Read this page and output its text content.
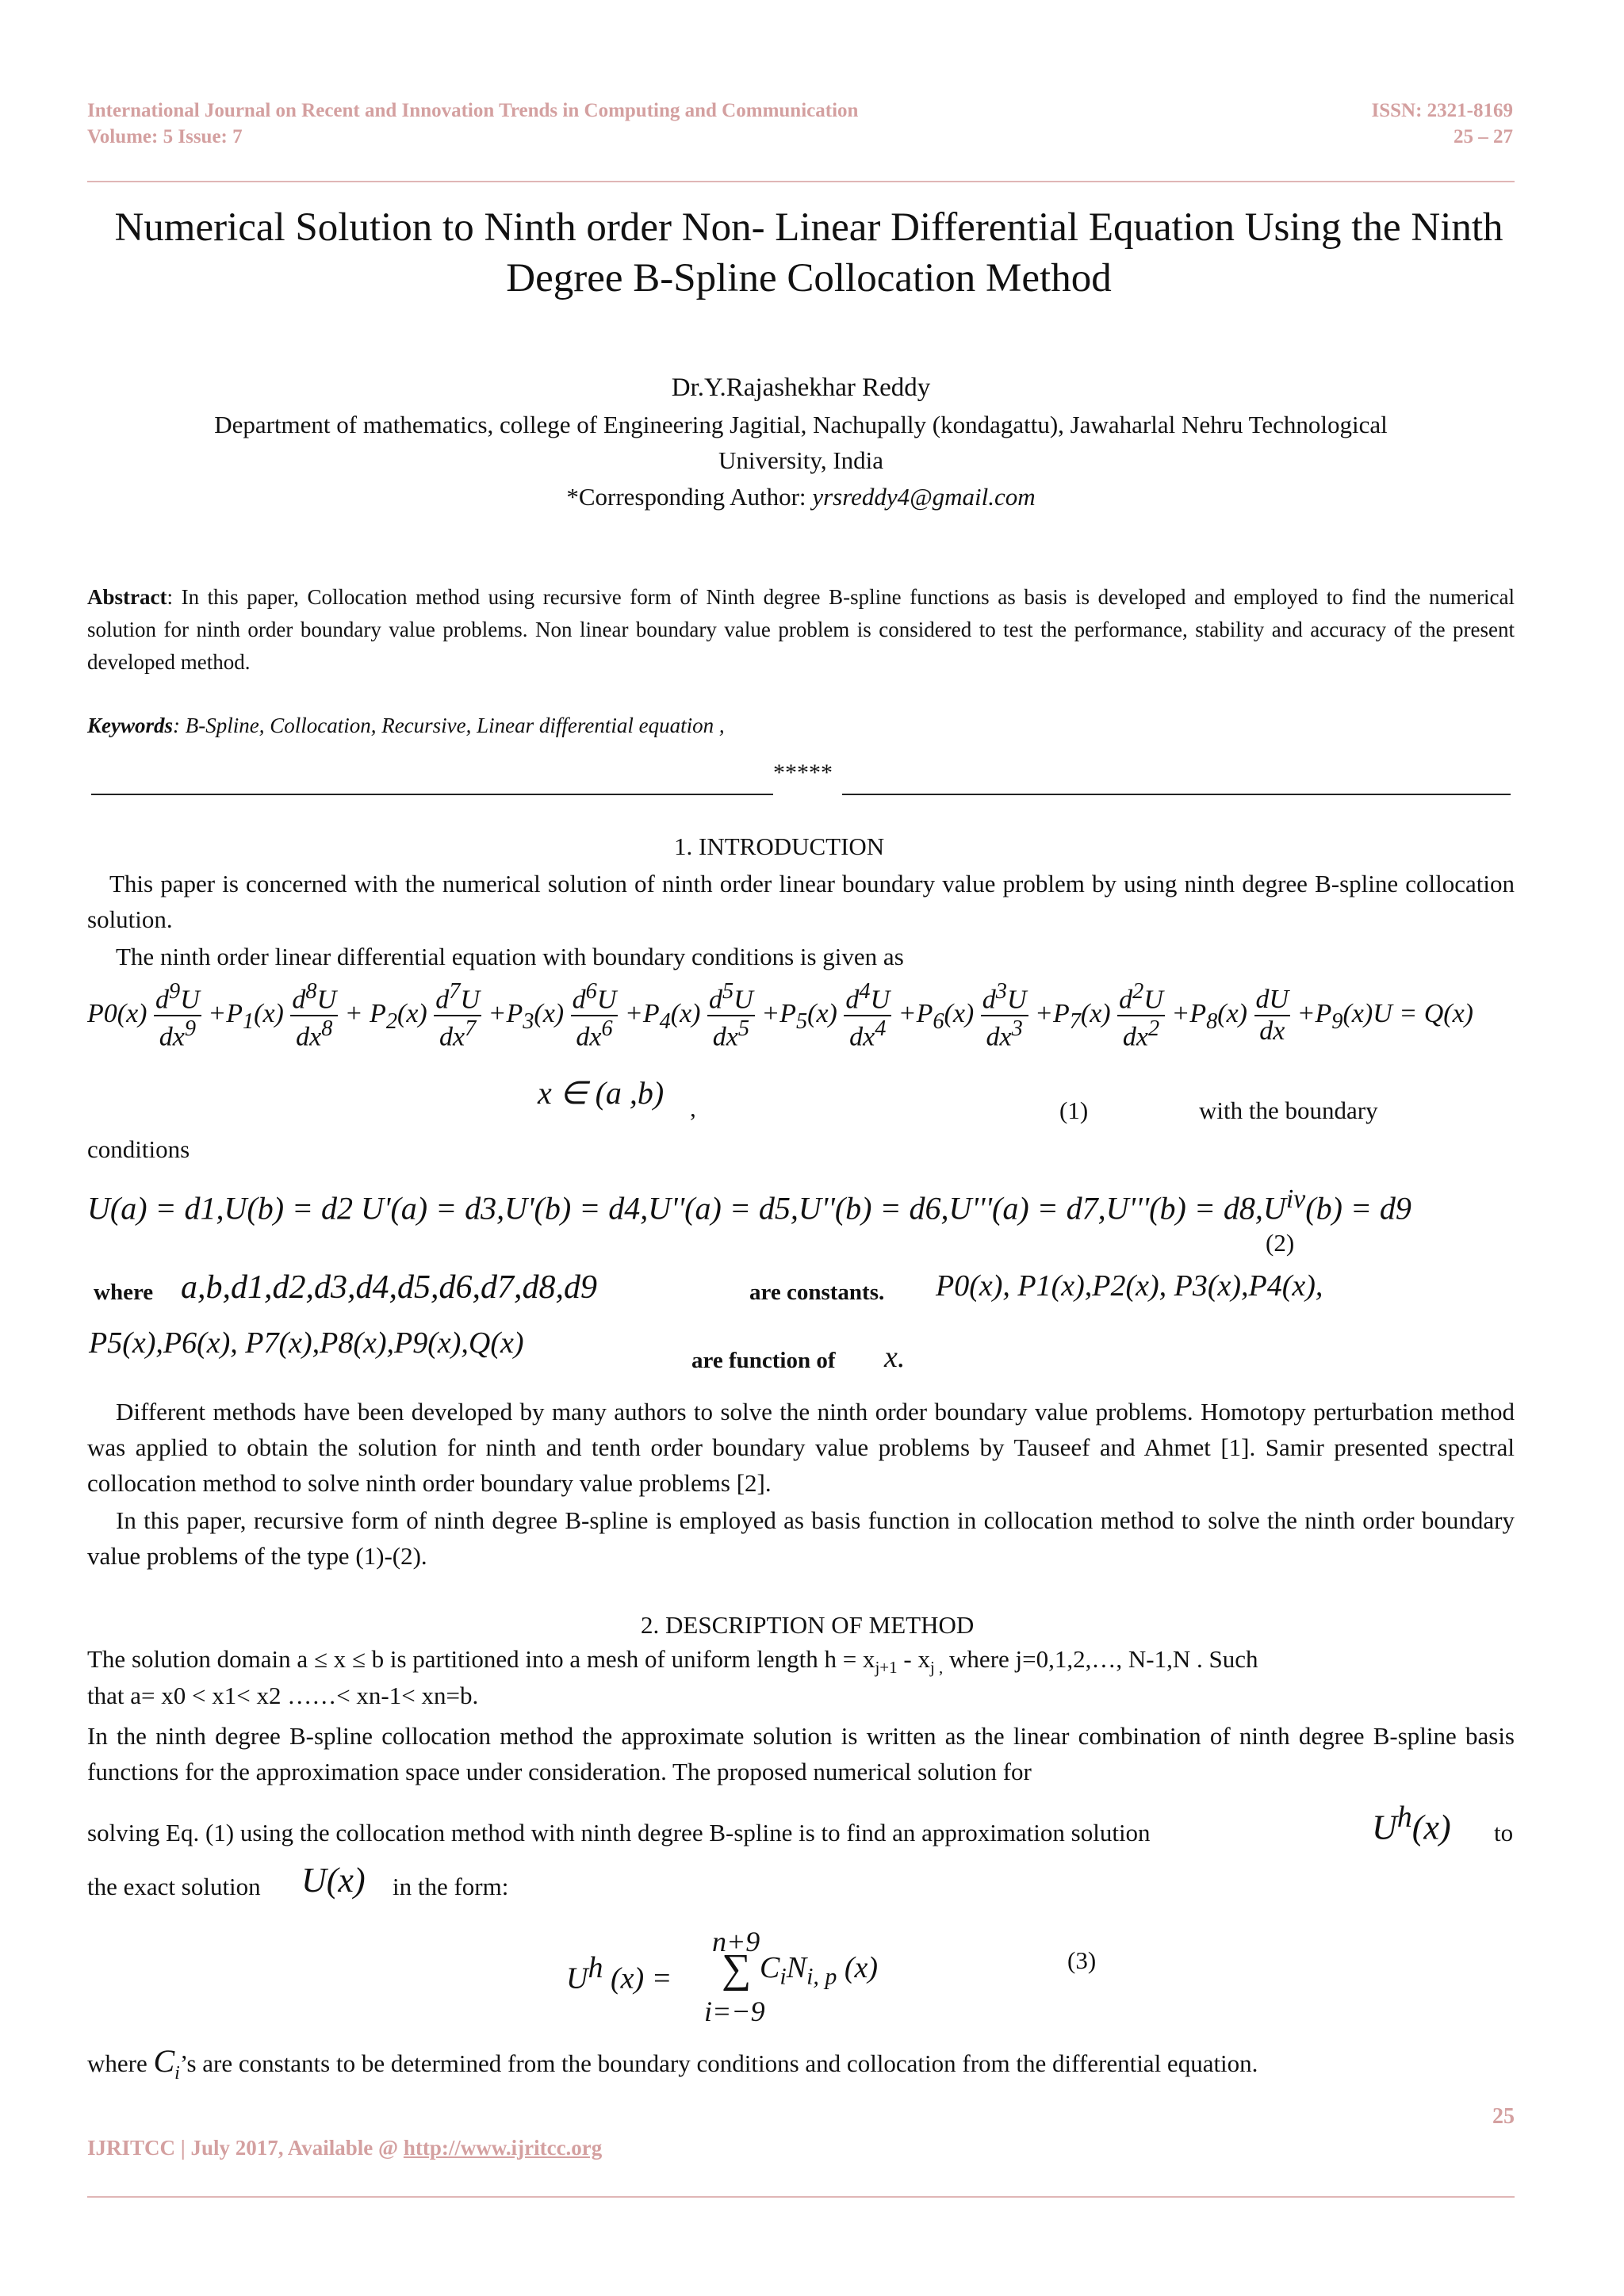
International Journal on Recent and Innovation Trends in Computing and Communication
Volume: 5 Issue: 7
ISSN: 2321-8169
25 – 27
Numerical Solution to Ninth order Non- Linear Differential Equation Using the Ninth Degree B-Spline Collocation Method
Dr.Y.Rajashekhar Reddy
Department of mathematics, college of Engineering Jagitial, Nachupally (kondagattu), Jawaharlal Nehru Technological
University, India
*Corresponding Author: yrsreddy4@gmail.com
Abstract: In this paper, Collocation method using recursive form of Ninth degree B-spline functions as basis is developed and employed to find the numerical solution for ninth order boundary value problems. Non linear boundary value problem is considered to test the performance, stability and accuracy of the present developed method.
Keywords: B-Spline, Collocation, Recursive, Linear differential equation ,
*****
1. INTRODUCTION
This paper is concerned with the numerical solution of ninth order linear boundary value problem by using ninth degree B-spline collocation solution.
The ninth order linear differential equation with boundary conditions is given as
$P0(x) \frac{d^9U}{dx^9} +P_1(x) \frac{d^8U}{dx^8} + P_2(x) \frac{d^7U}{dx^7} +P_3(x) \frac{d^6U}{dx^6} +P_4(x) \frac{d^5U}{dx^5} +P_5(x) \frac{d^4U}{dx^4} +P_6(x) \frac{d^3U}{dx^3} +P_7(x) \frac{d^2U}{dx^2} +P_8(x) \frac{dU}{dx} +P_9(x)U = Q(x)$
x ∈ (a ,b) ,	(1)	with the boundary
conditions
U(a) = d1,U(b) = d2 $U'(a) = d3,U'(b) = d4,U''(a) = d5,U''(b) = d6,U'''(a) = d7,U'''(b) = d8,U^{iv}(b) = d9$
(2)
where a,b,d1,d2,d3,d4,d5,d6,d7,d8,d9	are constants. P0(x), P1(x),P2(x), P3(x),P4(x),
P5(x),P6(x), P7(x),P8(x),P9(x),Q(x)
are function of x.
Different methods have been developed by many authors to solve the ninth order boundary value problems. Homotopy perturbation method was applied to obtain the solution for ninth and tenth order boundary value problems by Tauseef and Ahmet [1]. Samir presented spectral collocation method to solve ninth order boundary value problems [2].
In this paper, recursive form of ninth degree B-spline is employed as basis function in collocation method to solve the ninth order boundary value problems of the type (1)-(2).
2. DESCRIPTION OF METHOD
The solution domain a ≤ x ≤ b is partitioned into a mesh of uniform length $h = x_{j+1} - x_{j ,}$ where j=0,1,2,…, N-1,N . Such
that a= x0 < x1< x2 ……< xn-1< xn=b.
In the ninth degree B-spline collocation method the approximate solution is written as the linear combination of ninth degree B-spline basis functions for the approximation space under consideration. The proposed numerical solution for
solving Eq. (1) using the collocation method with ninth degree B-spline is to find an approximation solution	$U^h(x)$ to
the exact solution U(x) in the form:
$U^h$ (x) =
n+9
∑ $C_iN_{i, p}$ (x)
i=−9
(3)
where $C_i’s$ are constants to be determined from the boundary conditions and collocation from the differential equation.
25
IJRITCC | July 2017, Available @ http://www.ijritcc.org
